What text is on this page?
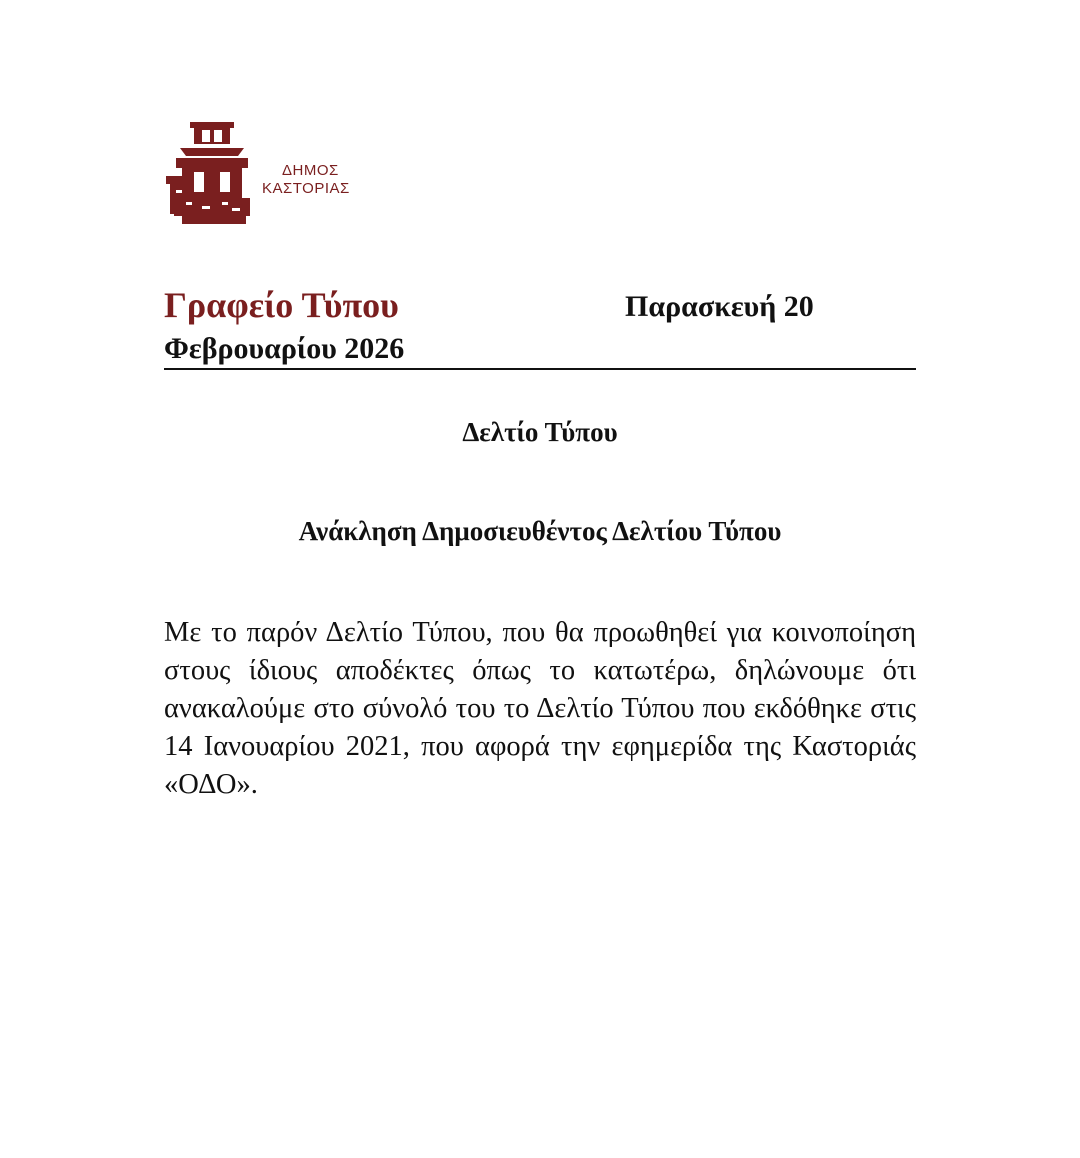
ΔΗΜΟΣ
ΚΑΣΤΟΡΙΑΣ
Γραφείο Τύπου	Παρασκευή 20
Φεβρουαρίου 2026
Δελτίο Τύπου
Ανάκληση Δημοσιευθέντος Δελτίου Τύπου
Με το παρόν Δελτίο Τύπου, που θα προωθηθεί για κοινοποίηση στους ίδιους αποδέκτες όπως το κατωτέρω, δηλώνουμε ότι ανακαλούμε στο σύνολό του το Δελτίο Τύπου που εκδόθηκε στις 14 Ιανουαρίου 2021, που αφορά την εφημερίδα της Καστοριάς «ΟΔΟ».
